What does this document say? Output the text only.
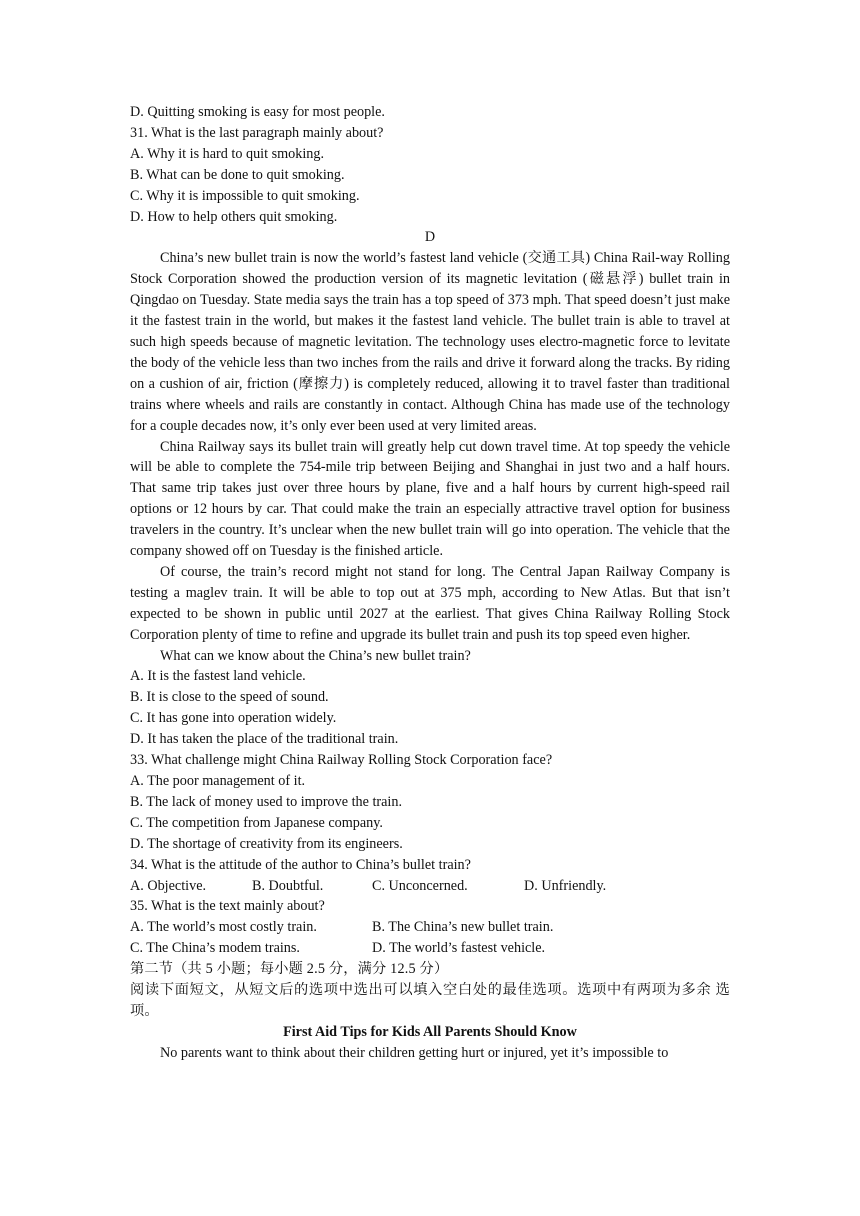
D. Quitting smoking is easy for most people.

31. What is the last paragraph mainly about?

A. Why it is hard to quit smoking.

B. What can be done to quit smoking.

C. Why it is impossible to quit smoking.

D. How to help others quit smoking.

D

China’s new bullet train is now the world’s fastest land vehicle (交通工具) China Rail-way Rolling Stock Corporation showed the production version of its magnetic levitation (磁悬浮) bullet train in Qingdao on Tuesday. State media says the train has a top speed of 373 mph. That speed doesn’t just make it the fastest train in the world, but makes it the fastest land vehicle. The bullet train is able to travel at such high speeds because of magnetic levitation. The technology uses electro-magnetic force to levitate the body of the vehicle less than two inches from the rails and drive it forward along the tracks. By riding on a cushion of air, friction (摩擦力) is completely reduced, allowing it to travel faster than traditional trains where wheels and rails are constantly in contact. Although China has made use of the technology for a couple decades now, it’s only ever been used at very limited areas.

China Railway says its bullet train will greatly help cut down travel time. At top speedy the vehicle will be able to complete the 754-mile trip between Beijing and Shanghai in just two and a half hours. That same trip takes just over three hours by plane, five and a half hours by current high-speed rail options or 12 hours by car. That could make the train an especially attractive travel option for business travelers in the country. It’s unclear when the new bullet train will go into operation. The vehicle that the company showed off on Tuesday is the finished article.

Of course, the train’s record might not stand for long. The Central Japan Railway Company is testing a maglev train. It will be able to top out at 375 mph, according to New Atlas. But that isn’t expected to be shown in public until 2027 at the earliest. That gives China Railway Rolling Stock Corporation plenty of time to refine and upgrade its bullet train and push its top speed even higher.

What can we know about the China’s new bullet train?

A. It is the fastest land vehicle.

B. It is close to the speed of sound.

C. It has gone into operation widely.

D. It has taken the place of the traditional train.

33. What challenge might China Railway Rolling Stock Corporation face?

A. The poor management of it.

B. The lack of money used to improve the train.

C. The competition from Japanese company.

D. The shortage of creativity from its engineers.

34. What is the attitude of the author to China’s bullet train?

A. Objective.	B. Doubtful.	C. Unconcerned.	D. Unfriendly.

35. What is the text mainly about?

A. The world’s most costly train.	B. The China’s new bullet train.
C. The China’s modem trains.	D. The world’s fastest vehicle.

第二节（共 5 小题；每小题 2.5 分，满分 12.5 分）

阅读下面短文，从短文后的选项中选出可以填入空白处的最佳选项。选项中有两项为多余 选项。

First Aid Tips for Kids All Parents Should Know

No parents want to think about their children getting hurt or injured, yet it’s impossible to
